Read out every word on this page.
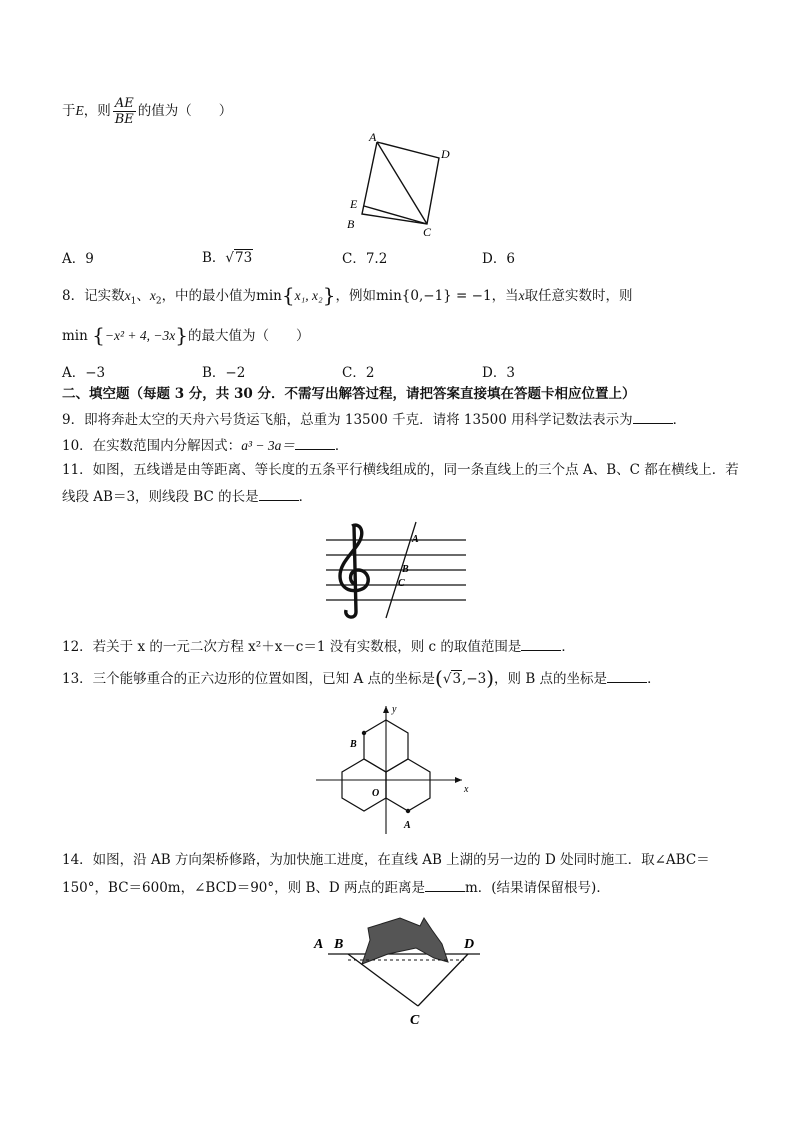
于E，则 $\frac{AE}{BE}$ 的值为（　　）
A
D
E
B
C
A．9	B．√73	C．7.2	D．6
8．记实数$x_1$、$x_2$，中的最小值为min{x₁, x₂}，例如min{0,−1} = −1，当x取任意实数时，则
min {−x² + 4, −3x}的最大值为（　　）
A．−3	B．−2	C．2	D．3
二、填空题（每题 3 分，共 30 分．不需写出解答过程，请把答案直接填在答题卡相应位置上）
9．即将奔赴太空的天舟六号货运飞船，总重为 13500 千克．请将 13500 用科学记数法表示为	．
10．在实数范围内分解因式：a³ − 3a＝	．
11．如图，五线谱是由等距离、等长度的五条平行横线组成的，同一条直线上的三个点 A、B、C 都在横线上．若
线段 AB＝3，则线段 BC 的长是	．
A
B
C
12．若关于 x 的一元二次方程 x²＋x－c＝1 没有实数根，则 c 的取值范围是	．
13．三个能够重合的正六边形的位置如图，已知 A 点的坐标是(√3,−3)，则 B 点的坐标是	．
B
A
O	x
y
14．如图，沿 AB 方向架桥修路，为加快施工进度，在直线 AB 上湖的另一边的 D 处同时施工．取∠ABC＝
150°，BC＝600m，∠BCD＝90°，则 B、D 两点的距离是	m．(结果请保留根号)．
A B	D
C
